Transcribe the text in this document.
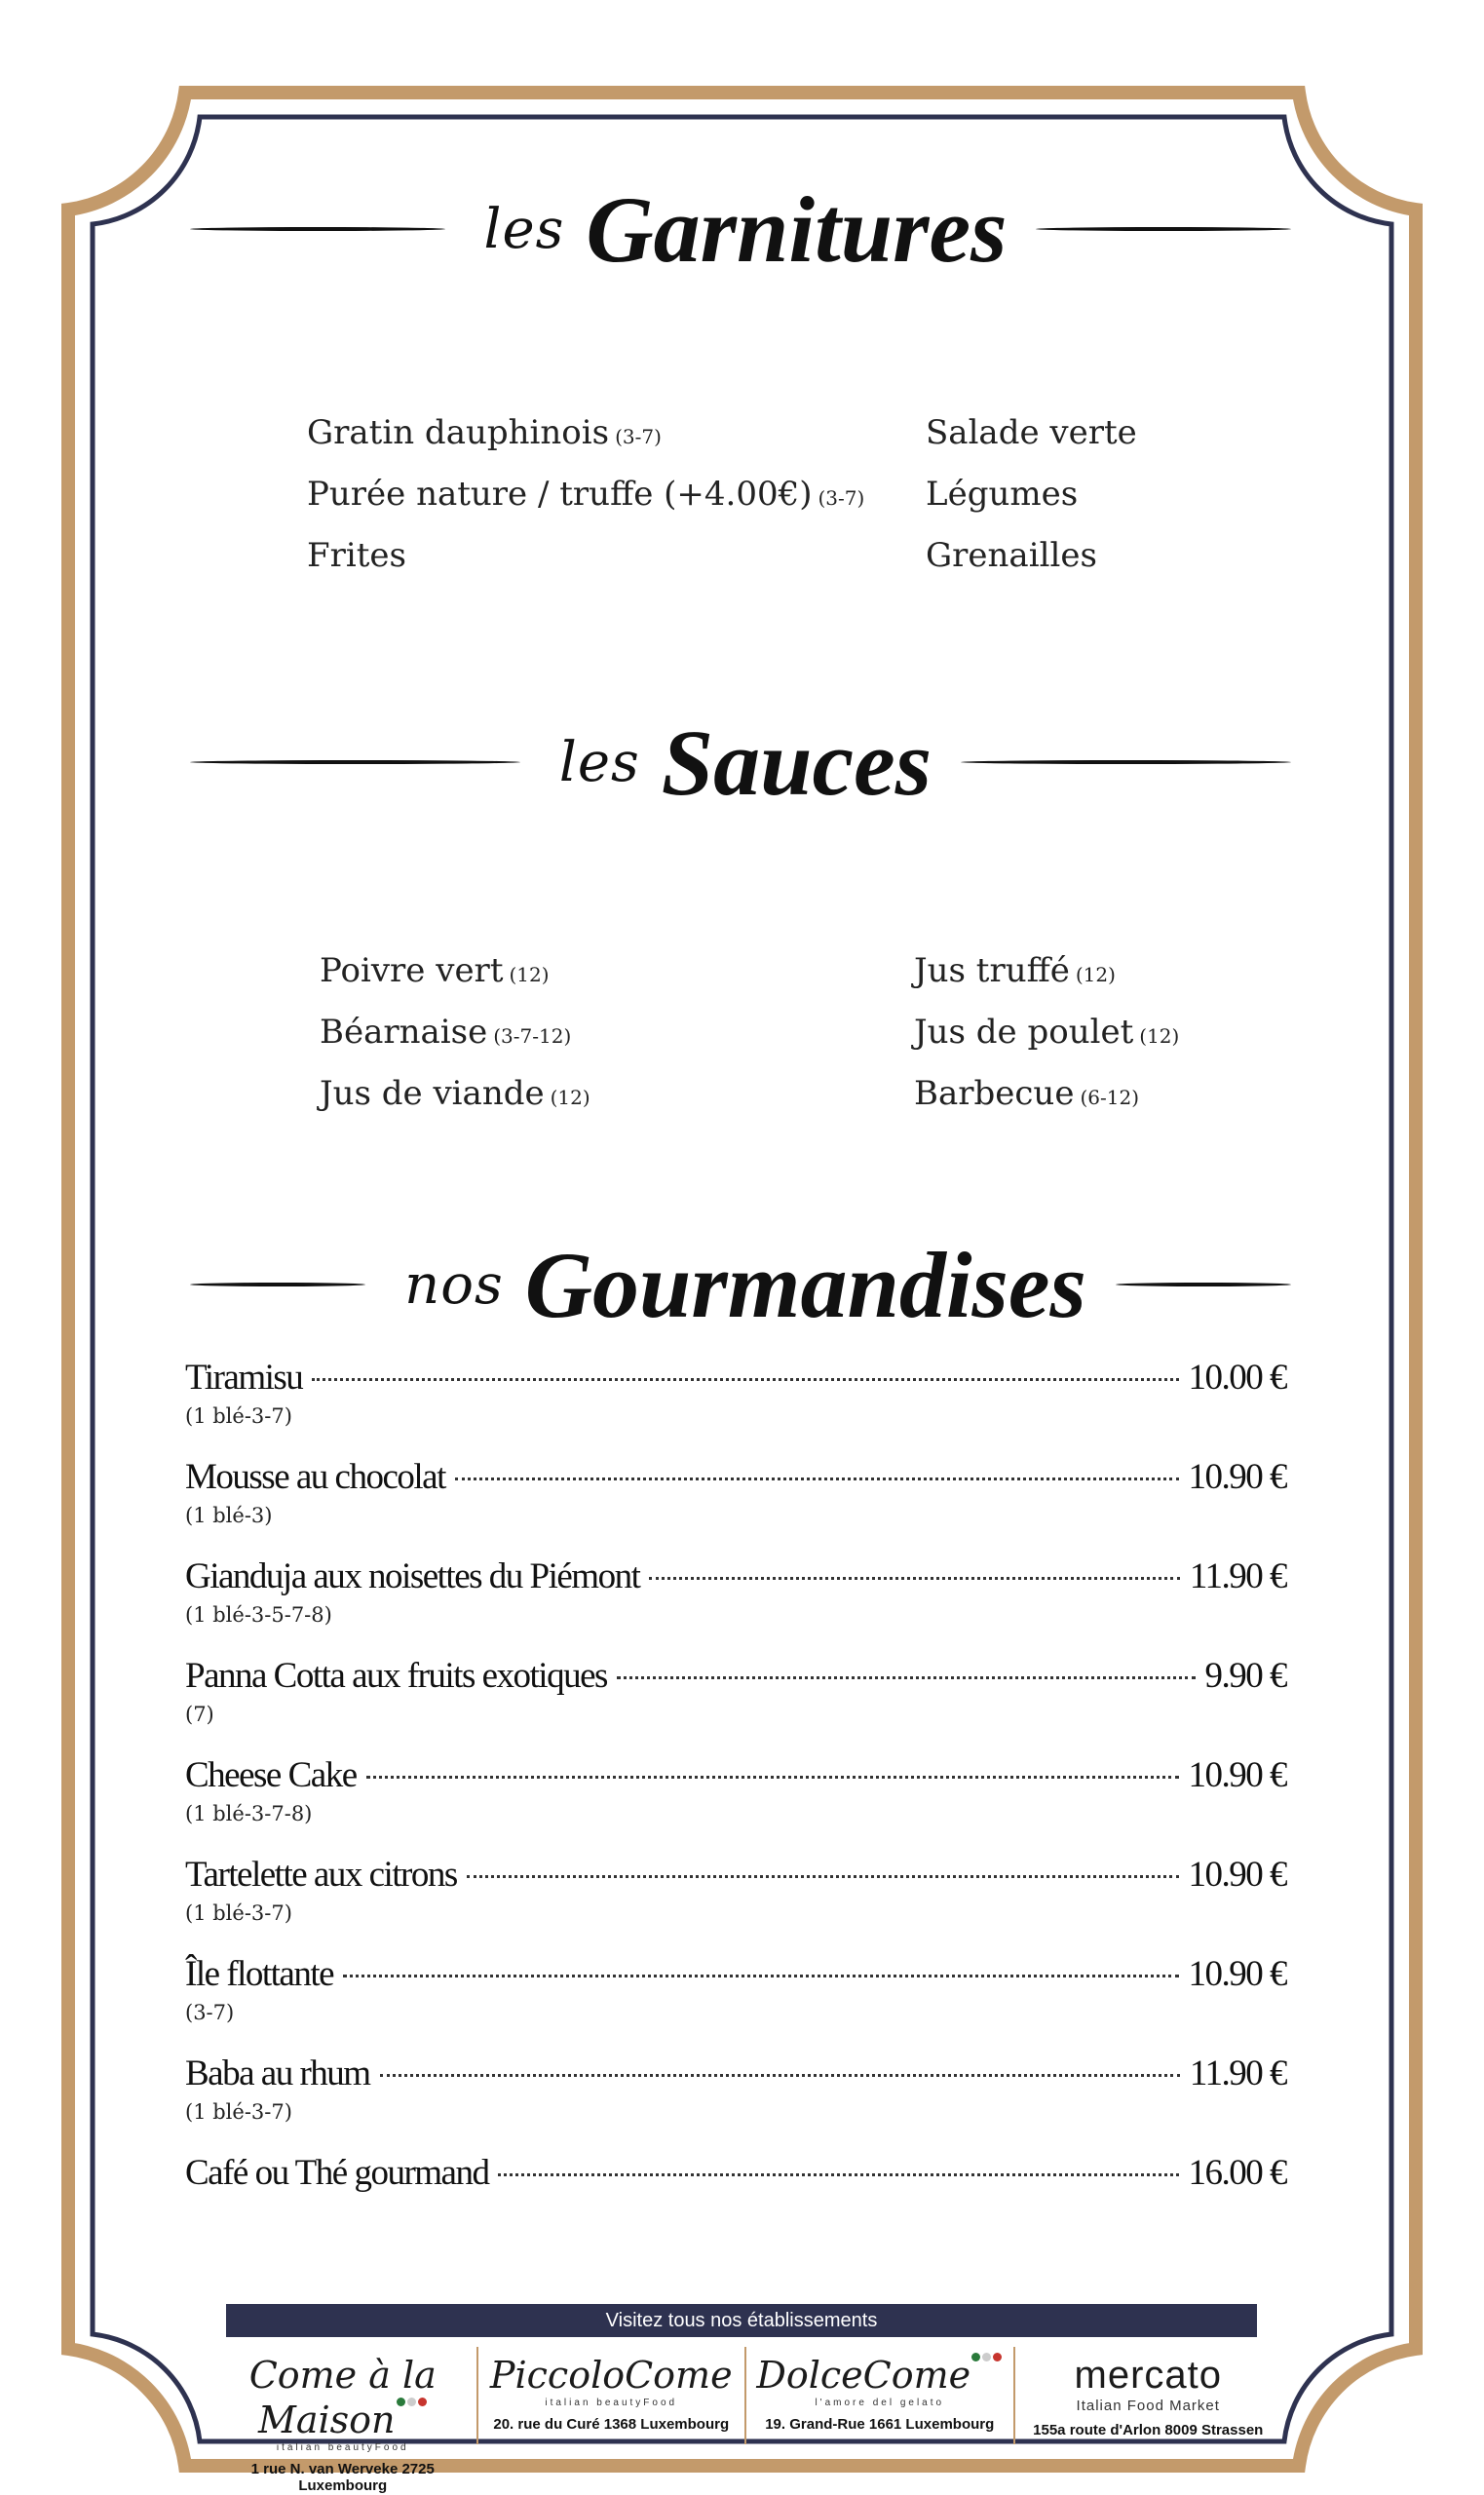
les Garnitures
Gratin dauphinois (3-7)
Purée nature / truffe (+4.00€) (3-7)
Frites
Salade verte
Légumes
Grenailles
les Sauces
Poivre vert (12)
Béarnaise (3-7-12)
Jus de viande (12)
Jus truffé (12)
Jus de poulet (12)
Barbecue (6-12)
nos Gourmandises
Tiramisu	10.00 €
(1 blé-3-7)
Mousse au chocolat	10.90 €
(1 blé-3)
Gianduja aux noisettes du Piémont	11.90 €
(1 blé-3-5-7-8)
Panna Cotta aux fruits exotiques	9.90 €
(7)
Cheese Cake	10.90 €
(1 blé-3-7-8)
Tartelette aux citrons	10.90 €
(1 blé-3-7)
Île flottante	10.90 €
(3-7)
Baba au rhum	11.90 €
(1 blé-3-7)
Café ou Thé gourmand	16.00 €
Visitez tous nos établissements
Come à la Maison
italian beautyFood
1 rue N. van Werveke 2725 Luxembourg
PiccoloCome
italian beautyFood
20. rue du Curé 1368 Luxembourg
DolceCome
l'amore del gelato
19. Grand-Rue 1661 Luxembourg
mercato
Italian Food Market
155a route d'Arlon 8009 Strassen
